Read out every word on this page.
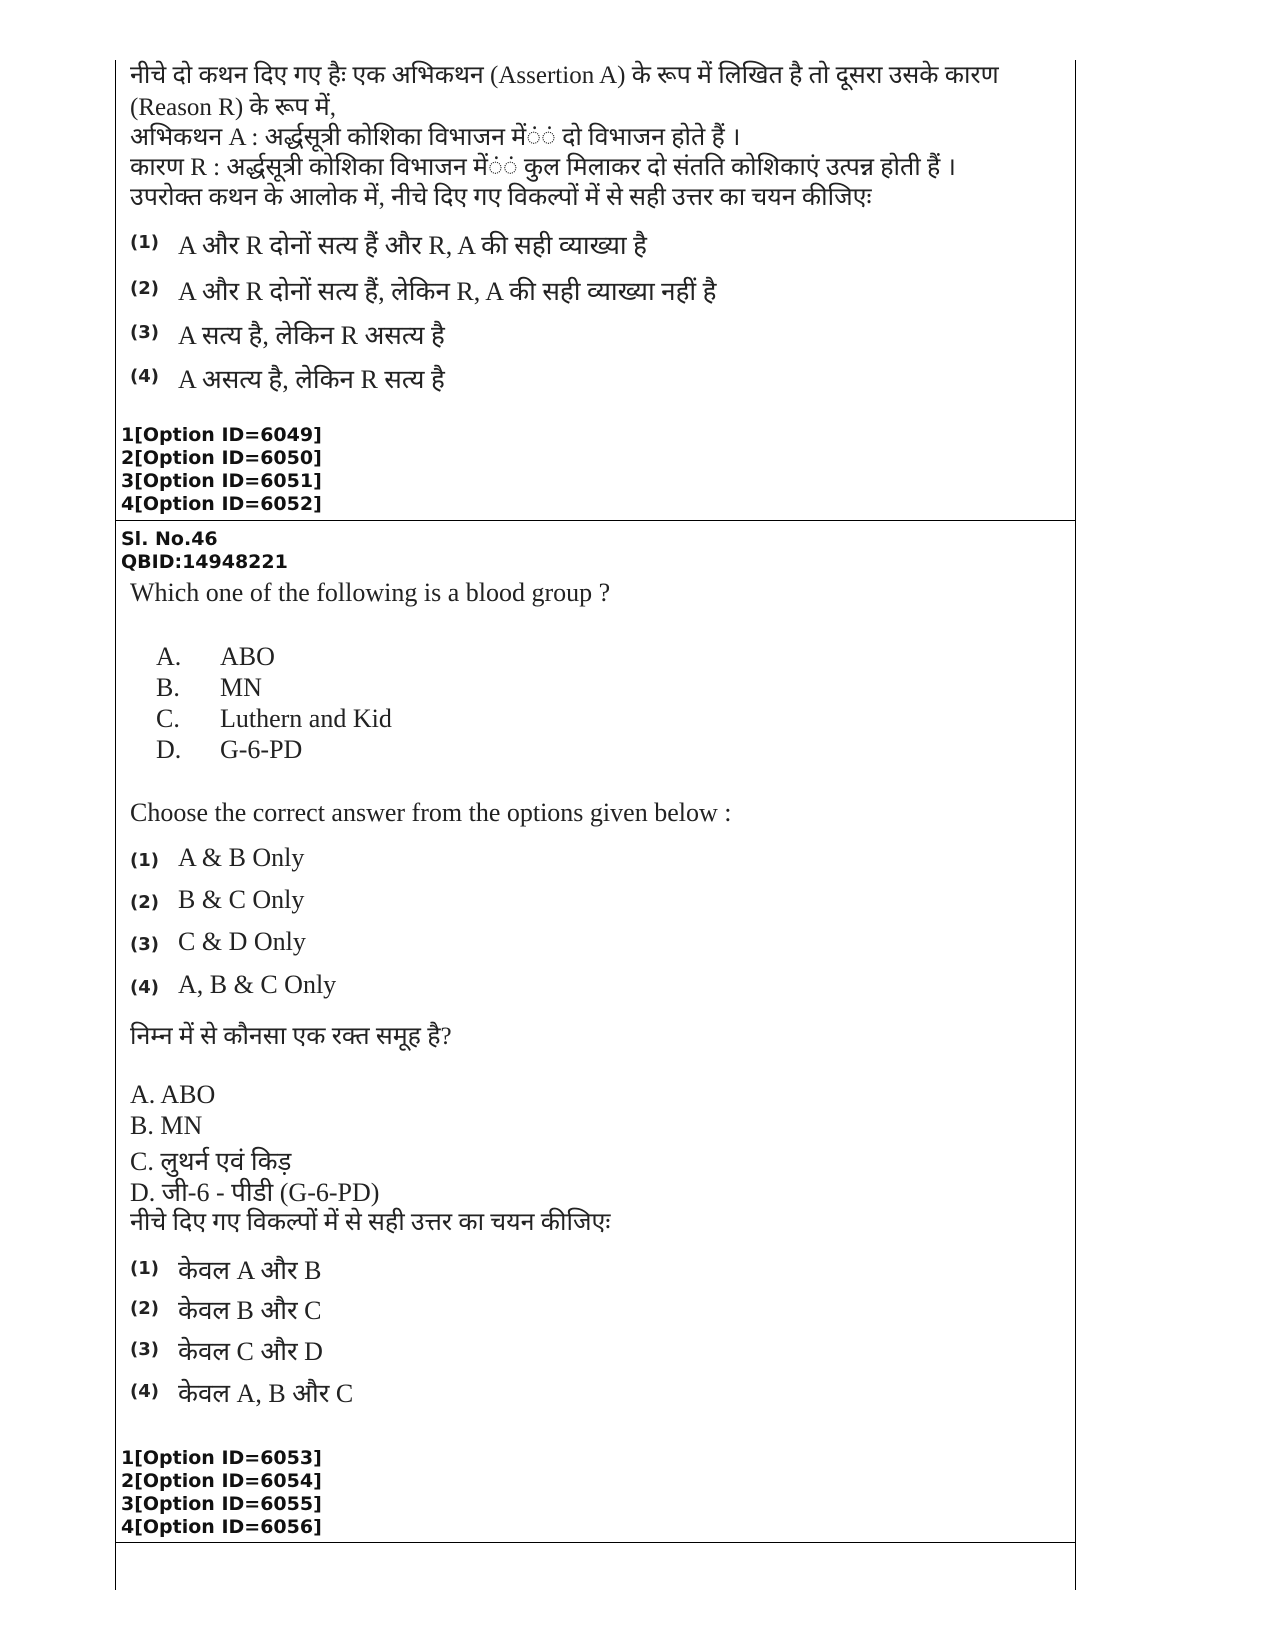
नीचे दो कथन दिए गए हैः एक अभिकथन (Assertion A) के रूप में लिखित है तो दूसरा उसके कारण
(Reason R) के रूप में,
अभिकथन A : अर्द्धसूत्री कोशिका विभाजन में◌ं◌ं दो विभाजन होते हैं ।
कारण R : अर्द्धसूत्री कोशिका विभाजन में◌ं◌ं कुल मिलाकर दो संतति कोशिकाएं उत्पन्न होती हैं ।
उपरोक्त कथन के आलोक में, नीचे दिए गए विकल्पों में से सही उत्तर का चयन कीजिएः
(1) A और R दोनों सत्य हैं और R, A की सही व्याख्या है
(2) A और R दोनों सत्य हैं, लेकिन R, A की सही व्याख्या नहीं है
(3) A सत्य है, लेकिन R असत्य है
(4) A असत्य है, लेकिन R सत्य है
1[Option ID=6049]
2[Option ID=6050]
3[Option ID=6051]
4[Option ID=6052]
Sl. No.46
QBID:14948221
Which one of the following is a blood group ?
A. ABO
B. MN
C. Luthern and Kid
D. G-6-PD
Choose the correct answer from the options given below :
(1) A & B Only
(2) B & C Only
(3) C & D Only
(4) A, B & C Only
निम्न में से कौनसा एक रक्त समूह है?
A. ABO
B. MN
C. लुथर्न एवं किड़
D. जी-6 - पीडी (G-6-PD)
नीचे दिए गए विकल्पों में से सही उत्तर का चयन कीजिएः
(1) केवल A और B
(2) केवल B और C
(3) केवल C और D
(4) केवल A, B और C
1[Option ID=6053]
2[Option ID=6054]
3[Option ID=6055]
4[Option ID=6056]
